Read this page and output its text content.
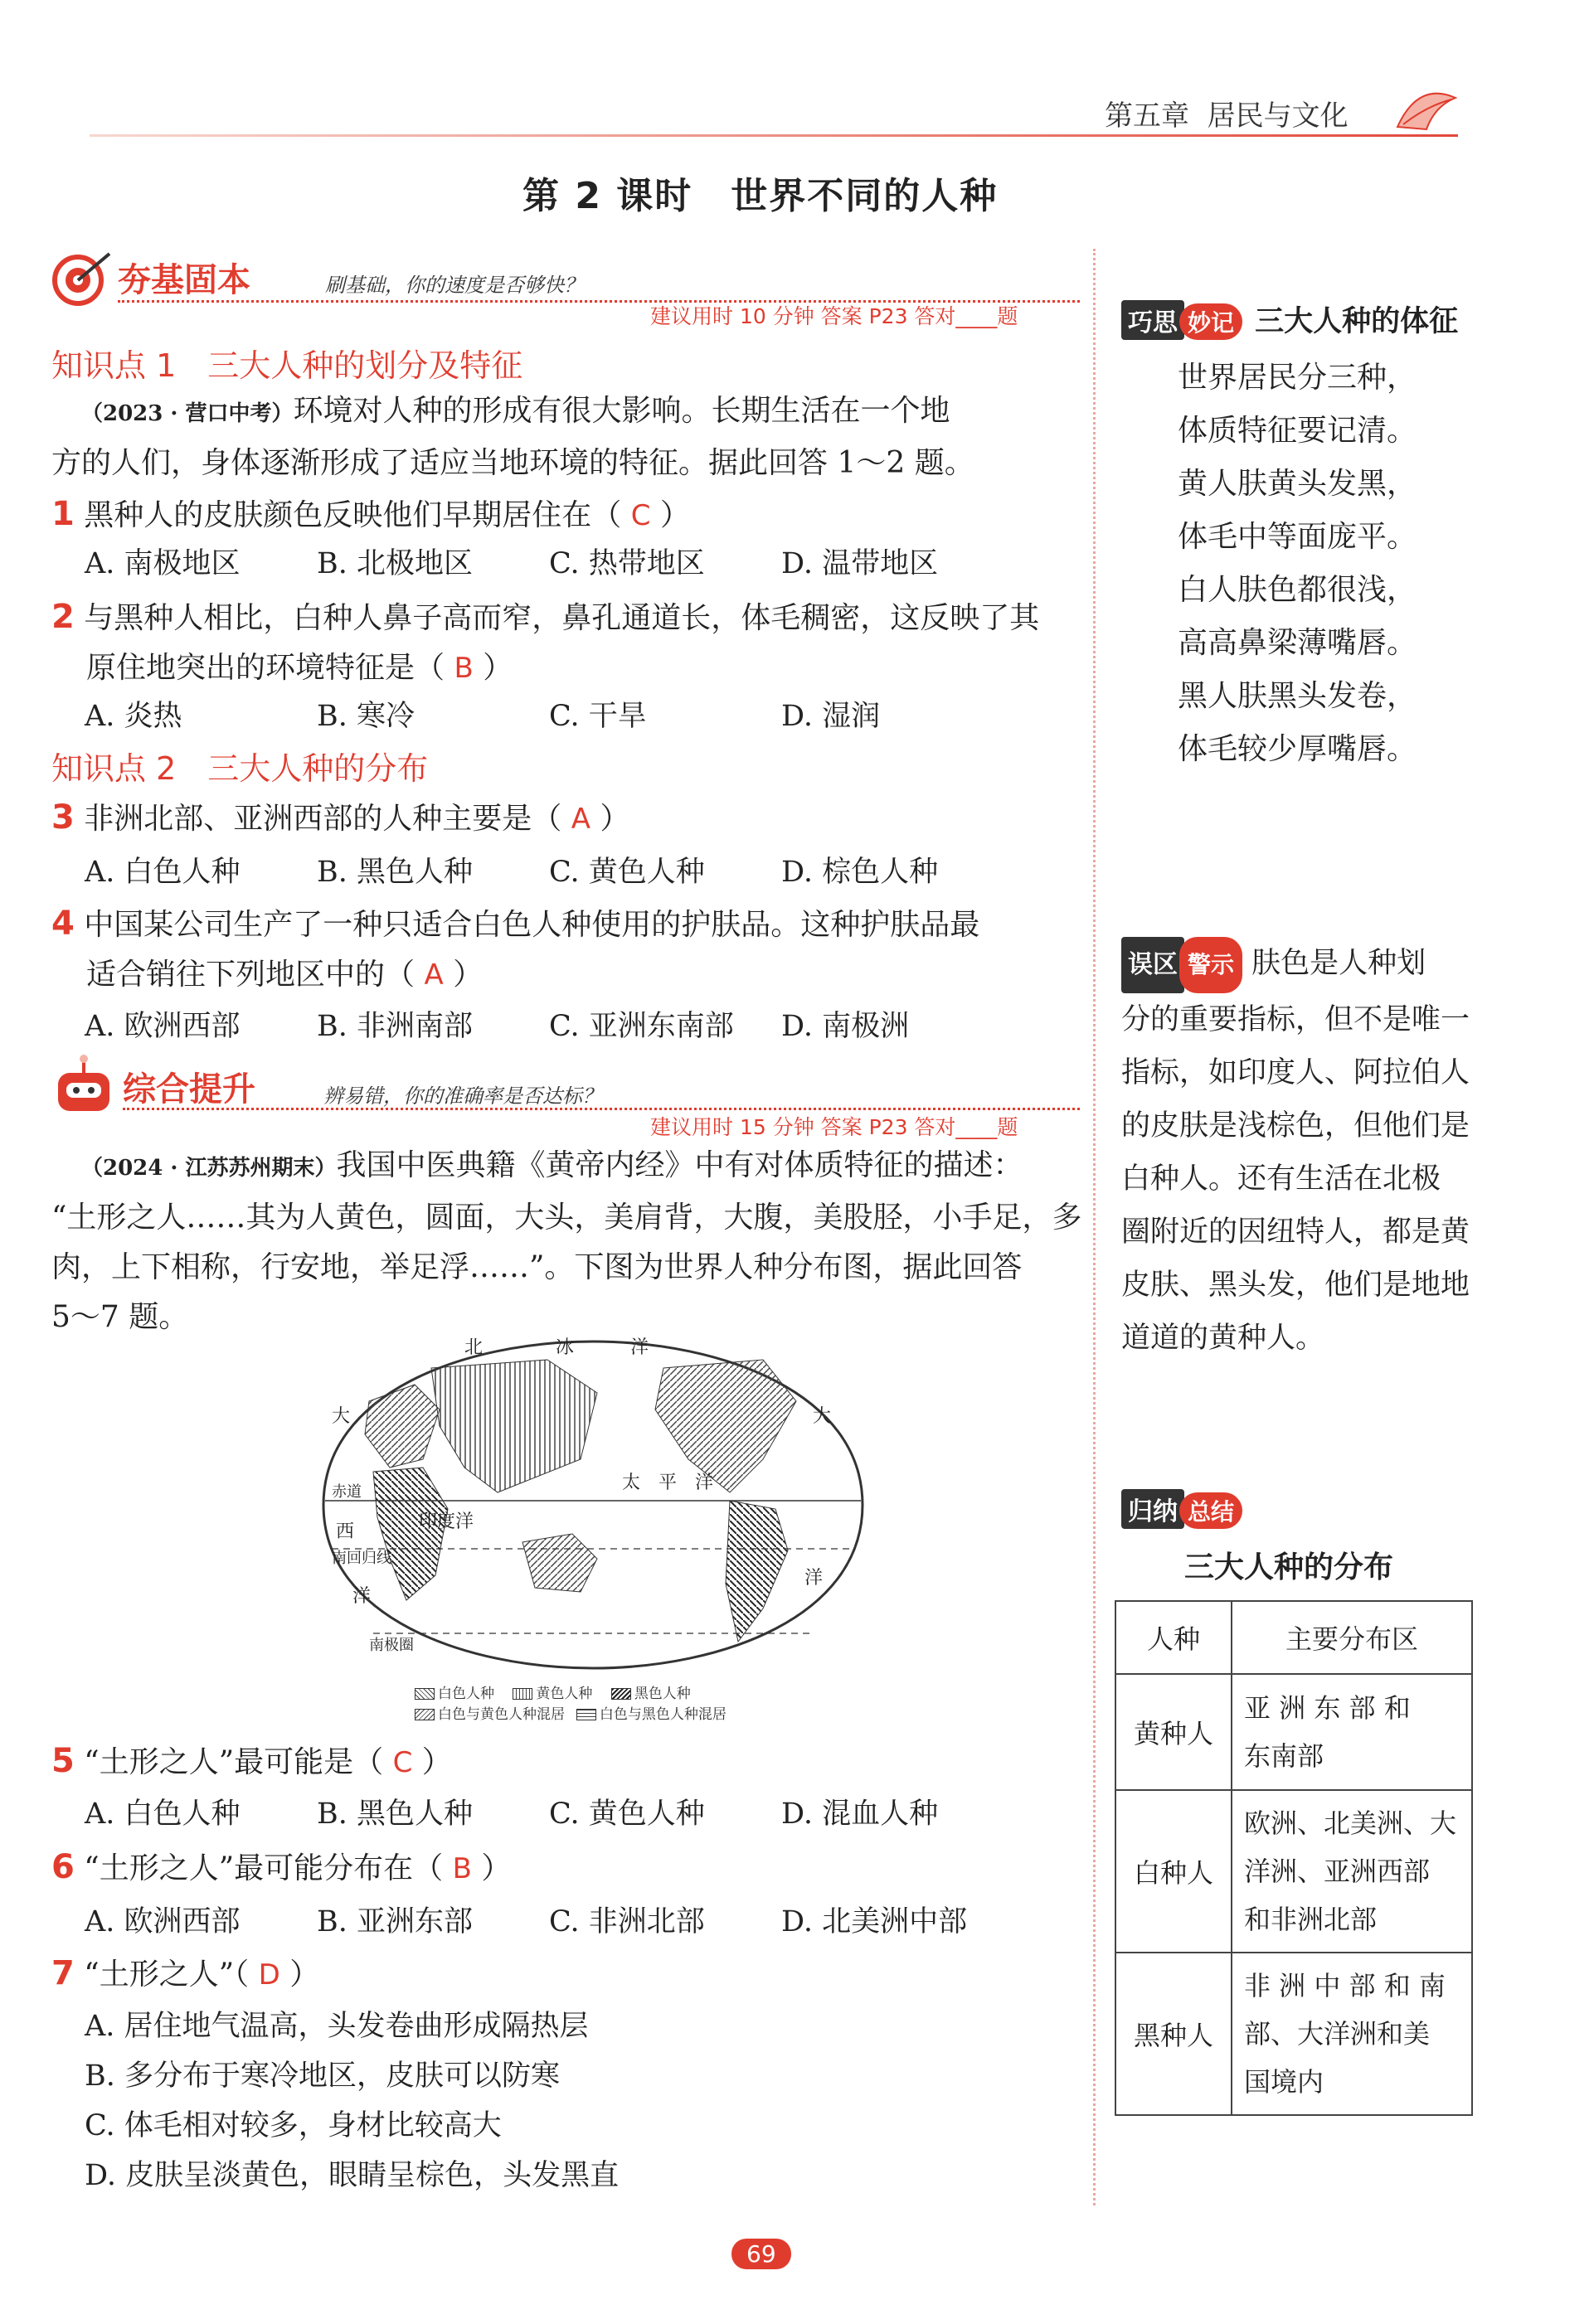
第五章 居民与文化
第 2 课时　世界不同的人种
夯基固本	刷基础，你的速度是否够快？
建议用时 10 分钟 答案 P23 答对____题
知识点 1　三大人种的划分及特征
 （2023 · 营口中考）环境对人种的形成有很大影响。长期生活在一个地
方的人们，身体逐渐形成了适应当地环境的特征。据此回答 1～2 题。
1 黑种人的皮肤颜色反映他们早期居住在（ C ）
A. 南极地区	B. 北极地区	C. 热带地区	D. 温带地区
2 与黑种人相比，白种人鼻子高而窄，鼻孔通道长，体毛稠密，这反映了其
原住地突出的环境特征是（ B ）
A. 炎热	B. 寒冷	C. 干旱	D. 湿润
知识点 2　三大人种的分布
3 非洲北部、亚洲西部的人种主要是（ A ）
A. 白色人种	B. 黑色人种	C. 黄色人种	D. 棕色人种
4 中国某公司生产了一种只适合白色人种使用的护肤品。这种护肤品最
适合销往下列地区中的（ A ）
A. 欧洲西部	B. 非洲南部	C. 亚洲东南部 D. 南极洲
综合提升	辨易错，你的准确率是否达标？
建议用时 15 分钟 答案 P23 答对____题
 （2024 · 江苏苏州期末）我国中医典籍《黄帝内经》中有对体质特征的描述：
“土形之人……其为人黄色，圆面，大头，美肩背，大腹，美股胫，小手足，多
肉，上下相称，行安地，举足浮……”。下图为世界人种分布图，据此回答
5～7 题。
北	冰	洋
大	大
太　平　洋
印度洋
赤道
西
南回归线
洋
洋
南极圈
白色人种 	黄色人种 	黑色人种
白色与黄色人种混居  白色与黑色人种混居
5 “土形之人”最可能是（ C ）
A. 白色人种	B. 黑色人种	C. 黄色人种	D. 混血人种
6 “土形之人”最可能分布在（ B ）
A. 欧洲西部	B. 亚洲东部	C. 非洲北部	D. 北美洲中部
7 “土形之人”（ D ）
A. 居住地气温高，头发卷曲形成隔热层
B. 多分布于寒冷地区，皮肤可以防寒
C. 体毛相对较多，身材比较高大
D. 皮肤呈淡黄色，眼睛呈棕色，头发黑直
巧思 妙记 三大人种的体征
世界居民分三种，
体质特征要记清。
黄人肤黄头发黑，
体毛中等面庞平。
白人肤色都很浅，
高高鼻梁薄嘴唇。
黑人肤黑头发卷，
体毛较少厚嘴唇。
误区 警示 肤色是人种划
分的重要指标，但不是唯一
指标，如印度人、阿拉伯人
的皮肤是浅棕色，但他们是
白种人。还有生活在北极
圈附近的因纽特人，都是黄
皮肤、黑头发，他们是地地
道道的黄种人。
归纳 总结
三大人种的分布
人种	主要分布区
黄种人	亚 洲 东 部 和
东南部

白种人	欧洲、北美洲、大
洋洲、亚洲西部
和非洲北部

黑种人	非 洲 中 部 和 南
部、大洋洲和美
国境内
69
